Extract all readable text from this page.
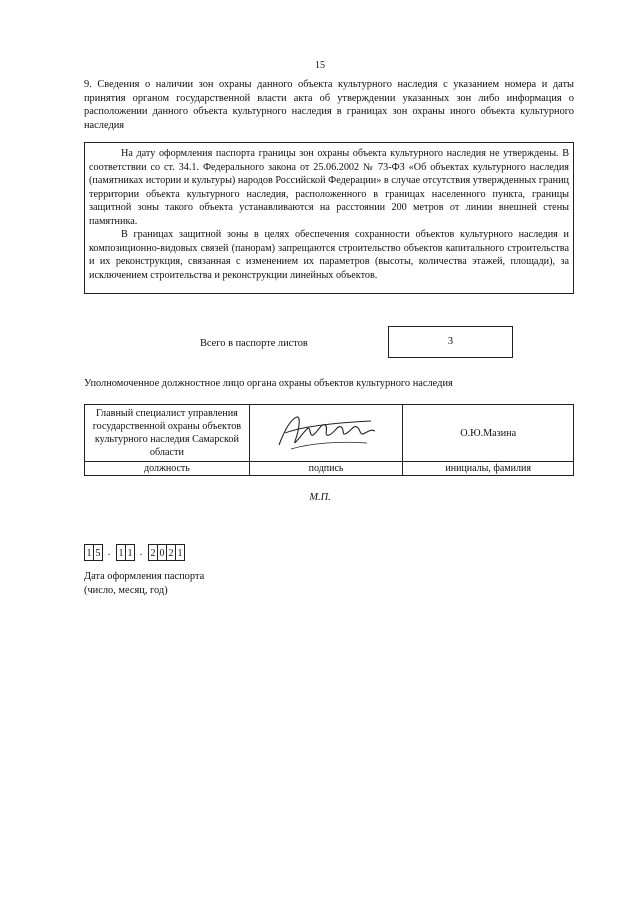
15
9. Сведения о наличии зон охраны данного объекта культурного наследия с указанием номера и даты принятия органом государственной власти акта об утверждении указанных зон либо информация о расположении данного объекта культурного наследия в границах зон охраны иного объекта культурного наследия

На дату оформления паспорта границы зон охраны объекта культурного наследия не утверждены. В соответствии со ст. 34.1. Федерального закона от 25.06.2002 № 73-ФЗ «Об объектах культурного наследия (памятниках истории и культуры) народов Российской Федерации» в случае отсутствия утвержденных границ территории объекта культурного наследия, расположенного в границах населенного пункта, границы защитной зоны такого объекта устанавливаются на расстоянии 200 метров от линии внешней стены памятника.

В границах защитной зоны в целях обеспечения сохранности объектов культурного наследия и композиционно-видовых связей (панорам) запрещаются строительство объектов капитального строительства и их реконструкция, связанная с изменением их параметров (высоты, количества этажей, площади), за исключением строительства и реконструкции линейных объектов.

Всего в паспорте листов	3
Уполномоченное должностное лицо органа охраны объектов культурного наследия
Главный специалист управления государственной охраны объектов культурного наследия Самарской области		О.Ю.Мазина
должность	подпись	инициалы, фамилия
М.П.
1 5 . 1 1 . 2 0 2 1
Дата оформления паспорта
(число, месяц, год)
